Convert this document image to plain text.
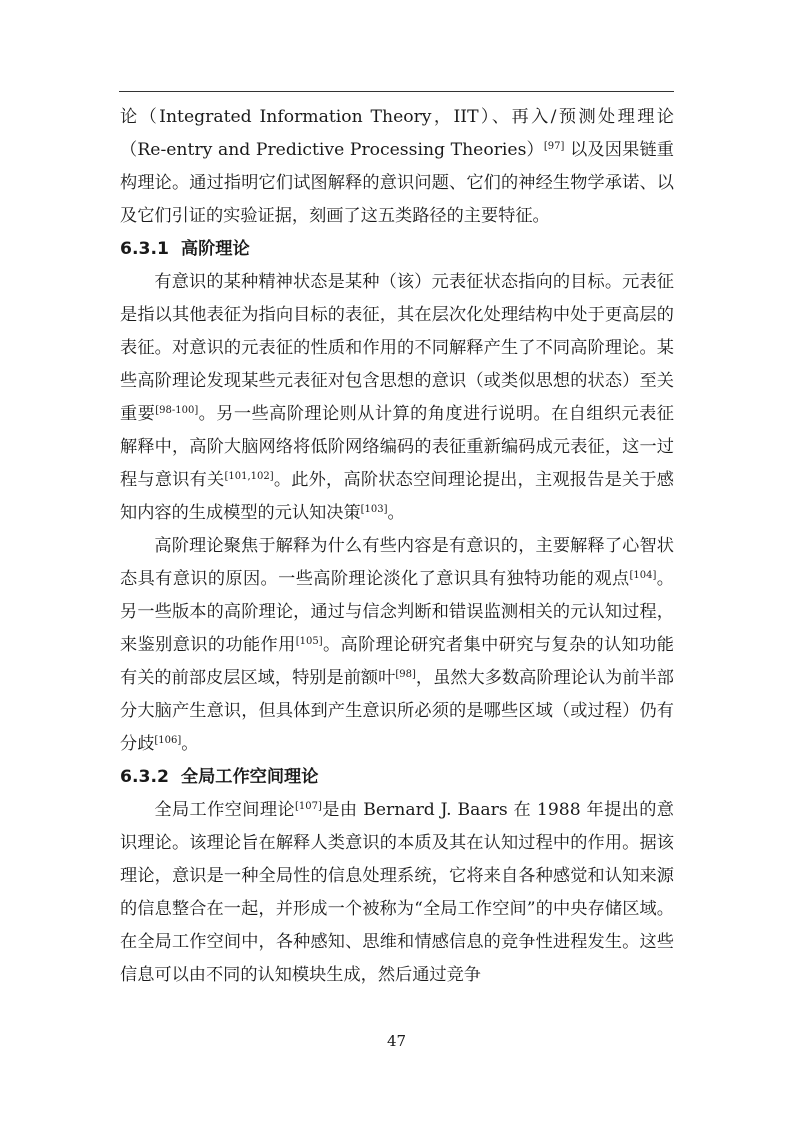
论（Integrated Information Theory，IIT）、再入/预测处理理论（Re-entry and Predictive Processing Theories）[97] 以及因果链重构理论。通过指明它们试图解释的意识问题、它们的神经生物学承诺、以及它们引证的实验证据，刻画了这五类路径的主要特征。

6.3.1 高阶理论

有意识的某种精神状态是某种（该）元表征状态指向的目标。元表征是指以其他表征为指向目标的表征，其在层次化处理结构中处于更高层的表征。对意识的元表征的性质和作用的不同解释产生了不同高阶理论。某些高阶理论发现某些元表征对包含思想的意识（或类似思想的状态）至关重要[98-100]。另一些高阶理论则从计算的角度进行说明。在自组织元表征解释中，高阶大脑网络将低阶网络编码的表征重新编码成元表征，这一过程与意识有关[101,102]。此外，高阶状态空间理论提出，主观报告是关于感知内容的生成模型的元认知决策[103]。

高阶理论聚焦于解释为什么有些内容是有意识的，主要解释了心智状态具有意识的原因。一些高阶理论淡化了意识具有独特功能的观点[104]。另一些版本的高阶理论，通过与信念判断和错误监测相关的元认知过程，来鉴别意识的功能作用[105]。高阶理论研究者集中研究与复杂的认知功能有关的前部皮层区域，特别是前额叶[98]，虽然大多数高阶理论认为前半部分大脑产生意识，但具体到产生意识所必须的是哪些区域（或过程）仍有分歧[106]。

6.3.2 全局工作空间理论

全局工作空间理论[107]是由 Bernard J. Baars 在 1988 年提出的意识理论。该理论旨在解释人类意识的本质及其在认知过程中的作用。据该理论，意识是一种全局性的信息处理系统，它将来自各种感觉和认知来源的信息整合在一起，并形成一个被称为“全局工作空间”的中央存储区域。在全局工作空间中，各种感知、思维和情感信息的竞争性进程发生。这些信息可以由不同的认知模块生成，然后通过竞争

47
